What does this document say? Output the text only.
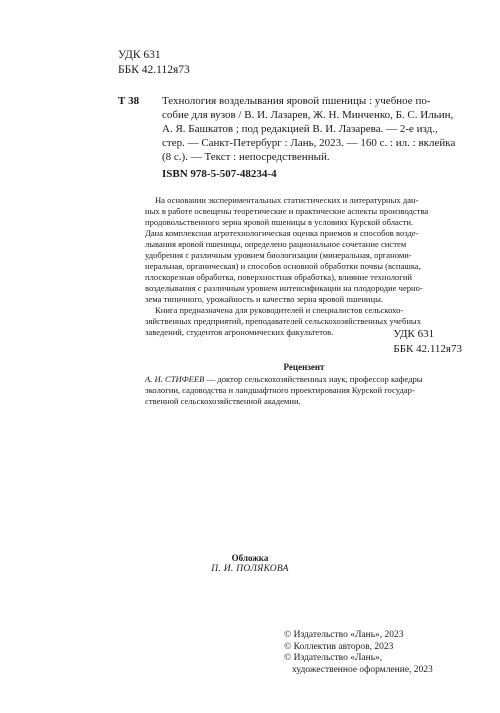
УДК 631
ББК 42.112я73
Т 38 Технология возделывания яровой пшеницы : учебное по-
собие для вузов / В. И. Лазарев, Ж. Н. Минченко, Б. С. Ильин,
А. Я. Башкатов ; под редакцией В. И. Лазарева. — 2-е изд.,
стер. — Санкт-Петербург : Лань, 2023. — 160 с. : ил. : вклейка
(8 с.). — Текст : непосредственный.
ISBN 978-5-507-48234-4
На основании экспериментальных статистических и литературных дан-
ных в работе освещены теоретические и практические аспекты производства
продовольственного зерна яровой пшеницы в условиях Курской области.
Дана комплексная агротехнологическая оценка приемов и способов возде-
лывания яровой пшеницы, определено рациональное сочетание систем
удобрения с различным уровнем биологизации (минеральная, органоми-
неральная, органическая) и способов основной обработки почвы (вспашка,
плоскорезная обработка, поверхностная обработка), влияние технологий
возделывания с различным уровнем интенсификации на плодородие черно-
зема типичного, урожайность и качество зерна яровой пшеницы.
Книга предназначена для руководителей и специалистов сельскохо-
зяйственных предприятий, преподавателей сельскохозяйственных учебных
заведений, студентов агрономических факультетов.	УДК 631
ББК 42.112я73
Рецензент
А. И. СТИФЕЕВ — доктор сельскохозяйственных наук, профессор кафедры
экологии, садоводства и ландшафтного проектирования Курской государ-
ственной сельскохозяйственной академии.
Обложка
П. И. ПОЛЯКОВА
© Издательство «Лань», 2023
© Коллектив авторов, 2023
© Издательство «Лань»,
художественное оформление, 2023
